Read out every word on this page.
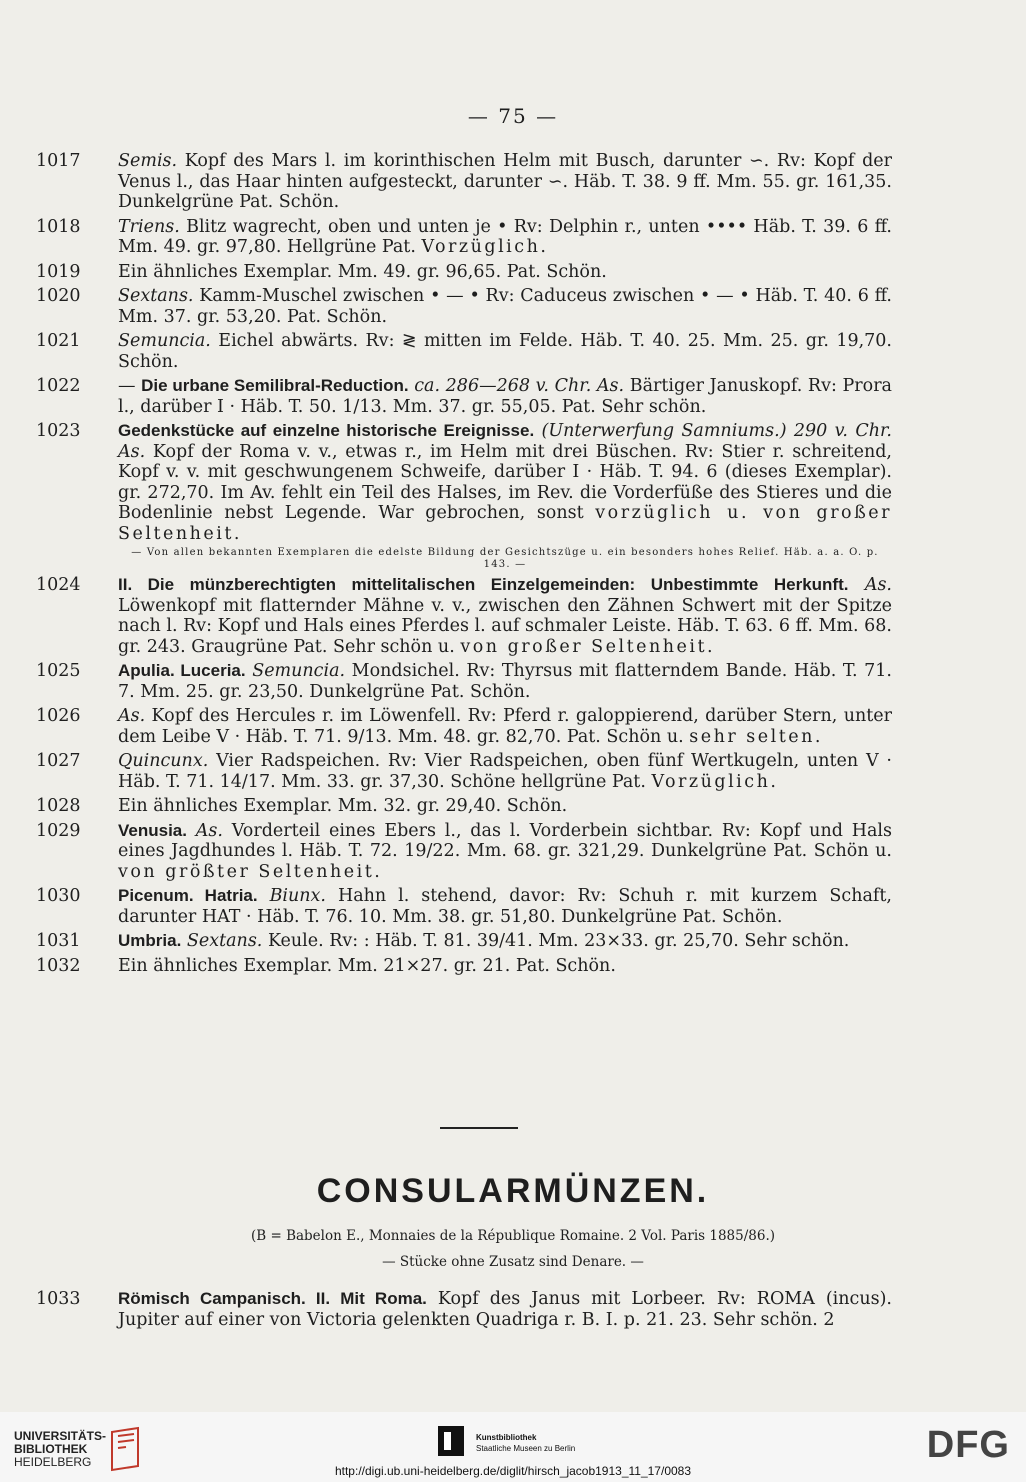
— 75 —
1017	Semis. Kopf des Mars l. im korinthischen Helm mit Busch, darunter ∽. Rv: Kopf der Venus l., das Haar hinten aufgesteckt, darunter ∽. Häb. T. 38. 9 ff. Mm. 55. gr. 161,35. Dunkelgrüne Pat. Schön.
1018	Triens. Blitz wagrecht, oben und unten je • Rv: Delphin r., unten •••• Häb. T. 39. 6 ff. Mm. 49. gr. 97,80. Hellgrüne Pat. Vorzüglich.
1019	Ein ähnliches Exemplar. Mm. 49. gr. 96,65. Pat. Schön.
1020	Sextans. Kamm-Muschel zwischen • — • Rv: Caduceus zwischen • — • Häb. T. 40. 6 ff. Mm. 37. gr. 53,20. Pat. Schön.
1021	Semuncia. Eichel abwärts. Rv: ≷ mitten im Felde. Häb. T. 40. 25. Mm. 25. gr. 19,70. Schön.
1022	— Die urbane Semilibral-Reduction. ca. 286—268 v. Chr. As. Bärtiger Januskopf. Rv: Prora l., darüber I · Häb. T. 50. 1/13. Mm. 37. gr. 55,05. Pat. Sehr schön.
1023	Gedenkstücke auf einzelne historische Ereignisse. (Unterwerfung Samniums.) 290 v. Chr. As. Kopf der Roma v. v., etwas r., im Helm mit drei Büschen. Rv: Stier r. schreitend, Kopf v. v. mit geschwungenem Schweife, darüber I · Häb. T. 94. 6 (dieses Exemplar). gr. 272,70. Im Av. fehlt ein Teil des Halses, im Rev. die Vorderfüße des Stieres und die Bodenlinie nebst Legende. War gebrochen, sonst vorzüglich u. von großer Seltenheit.
— Von allen bekannten Exemplaren die edelste Bildung der Gesichtszüge u. ein besonders hohes Relief. Häb. a. a. O. p. 143. —
1024	II. Die münzberechtigten mittelitalischen Einzelgemeinden: Unbestimmte Herkunft. As. Löwenkopf mit flatternder Mähne v. v., zwischen den Zähnen Schwert mit der Spitze nach l. Rv: Kopf und Hals eines Pferdes l. auf schmaler Leiste. Häb. T. 63. 6 ff. Mm. 68. gr. 243. Graugrüne Pat. Sehr schön u. von großer Seltenheit.
1025	Apulia. Luceria. Semuncia. Mondsichel. Rv: Thyrsus mit flatterndem Bande. Häb. T. 71. 7. Mm. 25. gr. 23,50. Dunkelgrüne Pat. Schön.
1026	As. Kopf des Hercules r. im Löwenfell. Rv: Pferd r. galoppierend, darüber Stern, unter dem Leibe V · Häb. T. 71. 9/13. Mm. 48. gr. 82,70. Pat. Schön u. sehr selten.
1027	Quincunx. Vier Radspeichen. Rv: Vier Radspeichen, oben fünf Wertkugeln, unten V · Häb. T. 71. 14/17. Mm. 33. gr. 37,30. Schöne hellgrüne Pat. Vorzüglich.
1028	Ein ähnliches Exemplar. Mm. 32. gr. 29,40. Schön.
1029	Venusia. As. Vorderteil eines Ebers l., das l. Vorderbein sichtbar. Rv: Kopf und Hals eines Jagdhundes l. Häb. T. 72. 19/22. Mm. 68. gr. 321,29. Dunkelgrüne Pat. Schön u. von größter Seltenheit.
1030	Picenum. Hatria. Biunx. Hahn l. stehend, davor: Rv: Schuh r. mit kurzem Schaft, darunter HAT · Häb. T. 76. 10. Mm. 38. gr. 51,80. Dunkelgrüne Pat. Schön.
1031	Umbria. Sextans. Keule. Rv: : Häb. T. 81. 39/41. Mm. 23×33. gr. 25,70. Sehr schön.
1032	Ein ähnliches Exemplar. Mm. 21×27. gr. 21. Pat. Schön.
CONSULARMÜNZEN.
(B = Babelon E., Monnaies de la République Romaine. 2 Vol. Paris 1885/86.)
— Stücke ohne Zusatz sind Denare. —
1033	Römisch Campanisch. II. Mit Roma. Kopf des Janus mit Lorbeer. Rv: ROMA (incus). Jupiter auf einer von Victoria gelenkten Quadriga r. B. I. p. 21. 23. Sehr schön. 2
UNIVERSITÄTS-
BIBLIOTHEK
HEIDELBERG
Kunstbibliothek
Staatliche Museen zu Berlin	DFG
http://digi.ub.uni-heidelberg.de/diglit/hirsch_jacob1913_11_17/0083
